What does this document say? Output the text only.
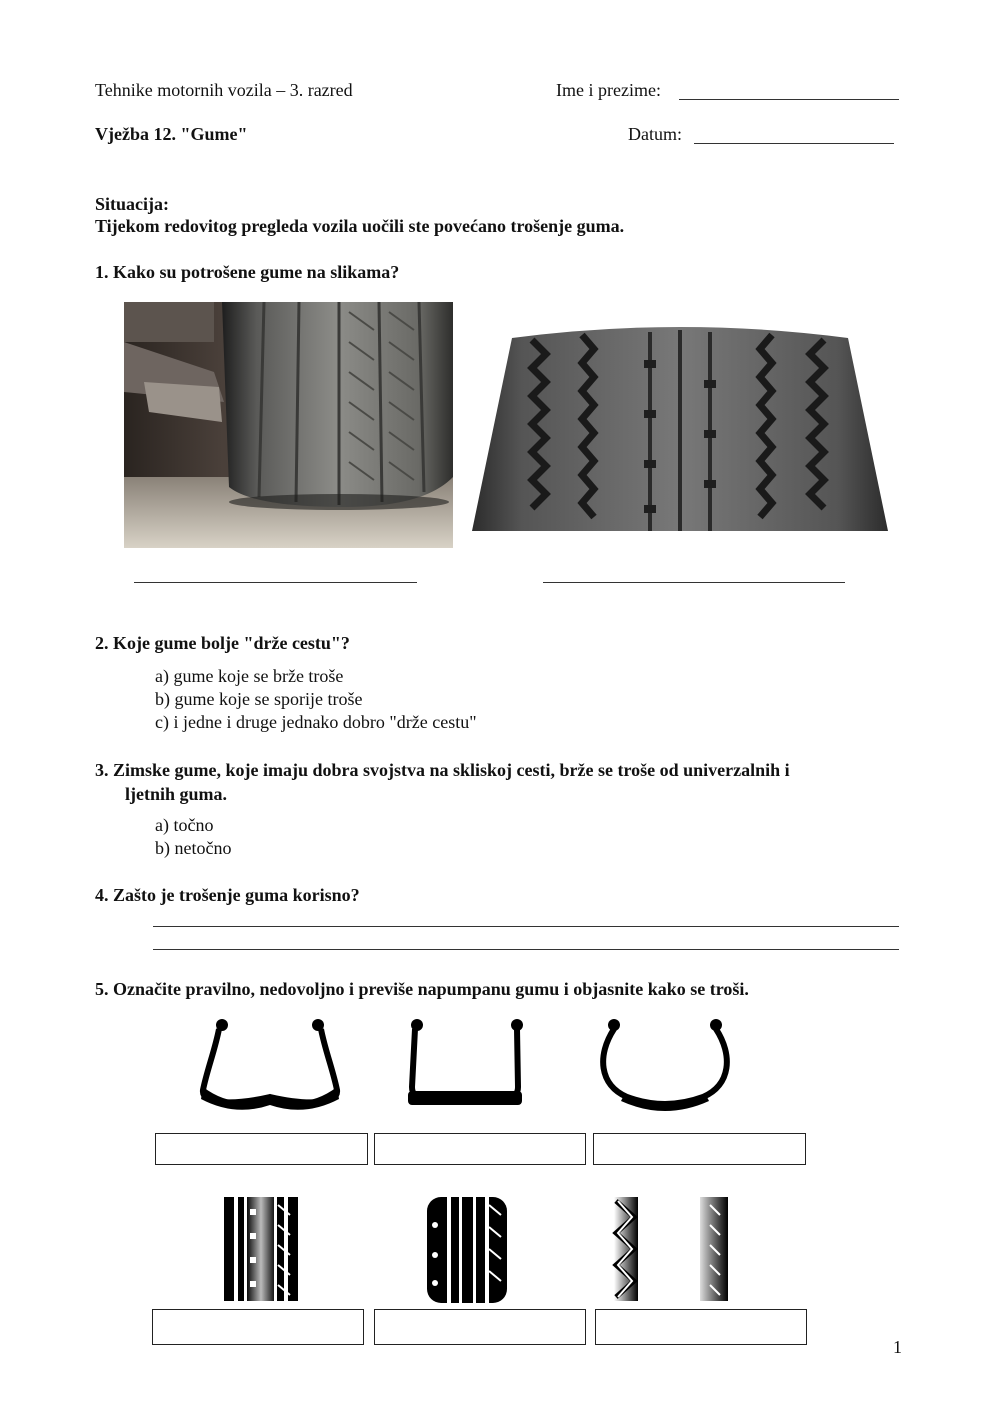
Tehnike motornih vozila – 3. razred	Ime i prezime:
Vježba 12. "Gume"	Datum:
Situacija:
Tijekom redovitog pregleda vozila uočili ste povećano trošenje guma.
1. Kako su potrošene gume na slikama?
2. Koje gume bolje "drže cestu"?
a) gume koje se brže troše
b) gume koje se sporije troše
c) i jedne i druge jednako dobro "drže cestu"
3. Zimske gume, koje imaju dobra svojstva na skliskoj cesti, brže se troše od univerzalnih i
ljetnih guma.
a) točno
b) netočno
4. Zašto je trošenje guma korisno?
5. Označite pravilno, nedovoljno i previše napumpanu gumu i objasnite kako se troši.
1
